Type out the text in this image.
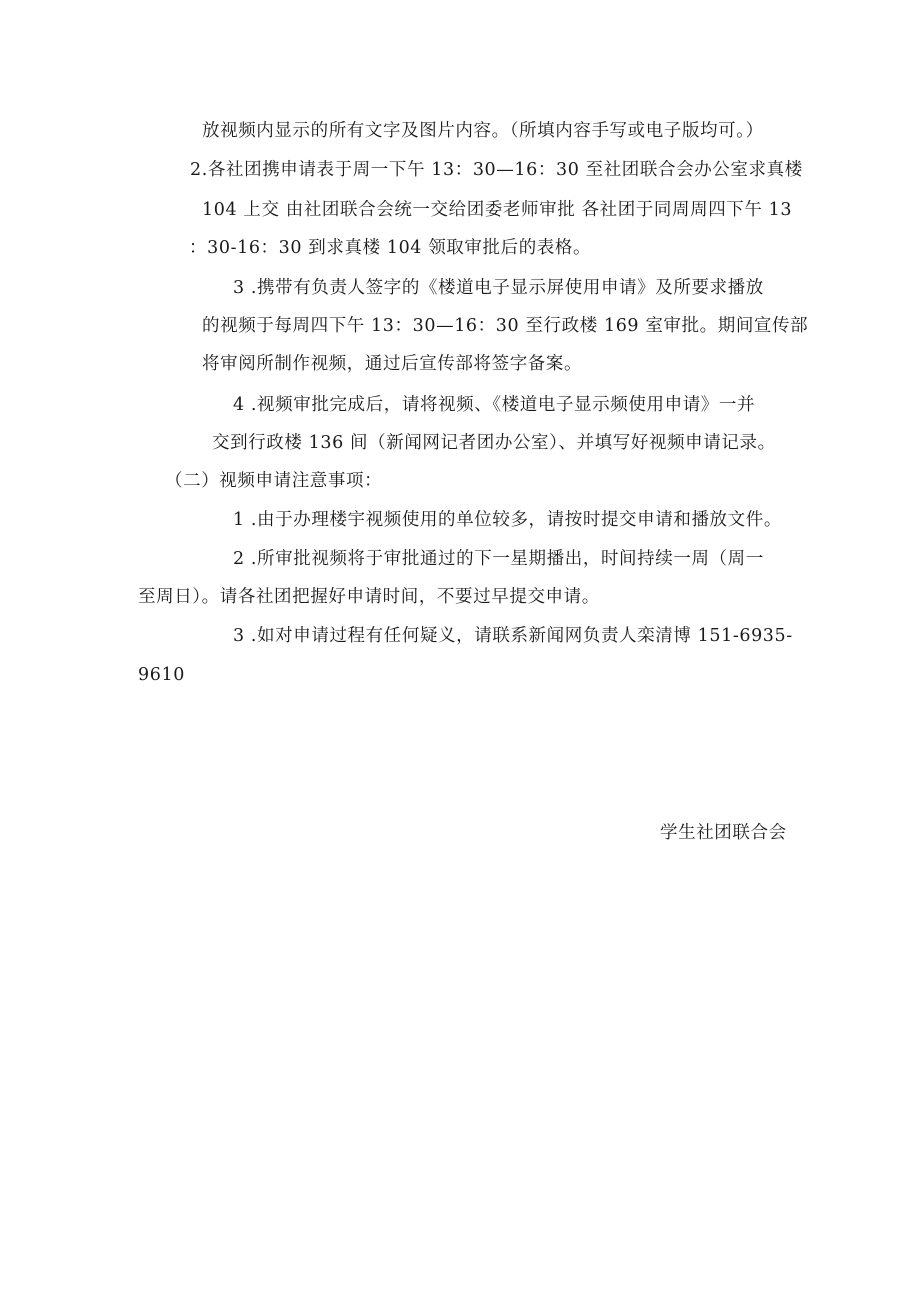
放视频内显示的所有文字及图片内容。（所填内容手写或电子版均可。）
2.各社团携申请表于周一下午 13：30—16：30 至社团联合会办公室求真楼
104 上交 由社团联合会统一交给团委老师审批 各社团于同周周四下午 13
：30-16：30 到求真楼 104 领取审批后的表格。
3 .携带有负责人签字的《楼道电子显示屏使用申请》及所要求播放
的视频于每周四下午 13：30—16：30 至行政楼 169 室审批。期间宣传部
将审阅所制作视频，通过后宣传部将签字备案。
4 .视频审批完成后，请将视频、《楼道电子显示频使用申请》一并
交到行政楼 136 间（新闻网记者团办公室）、并填写好视频申请记录。
（二）视频申请注意事项：
1 .由于办理楼宇视频使用的单位较多，请按时提交申请和播放文件。
2 .所审批视频将于审批通过的下一星期播出，时间持续一周（周一
至周日）。请各社团把握好申请时间，不要过早提交申请。
3 .如对申请过程有任何疑义，请联系新闻网负责人栾清博 151-6935-
9610
学生社团联合会
